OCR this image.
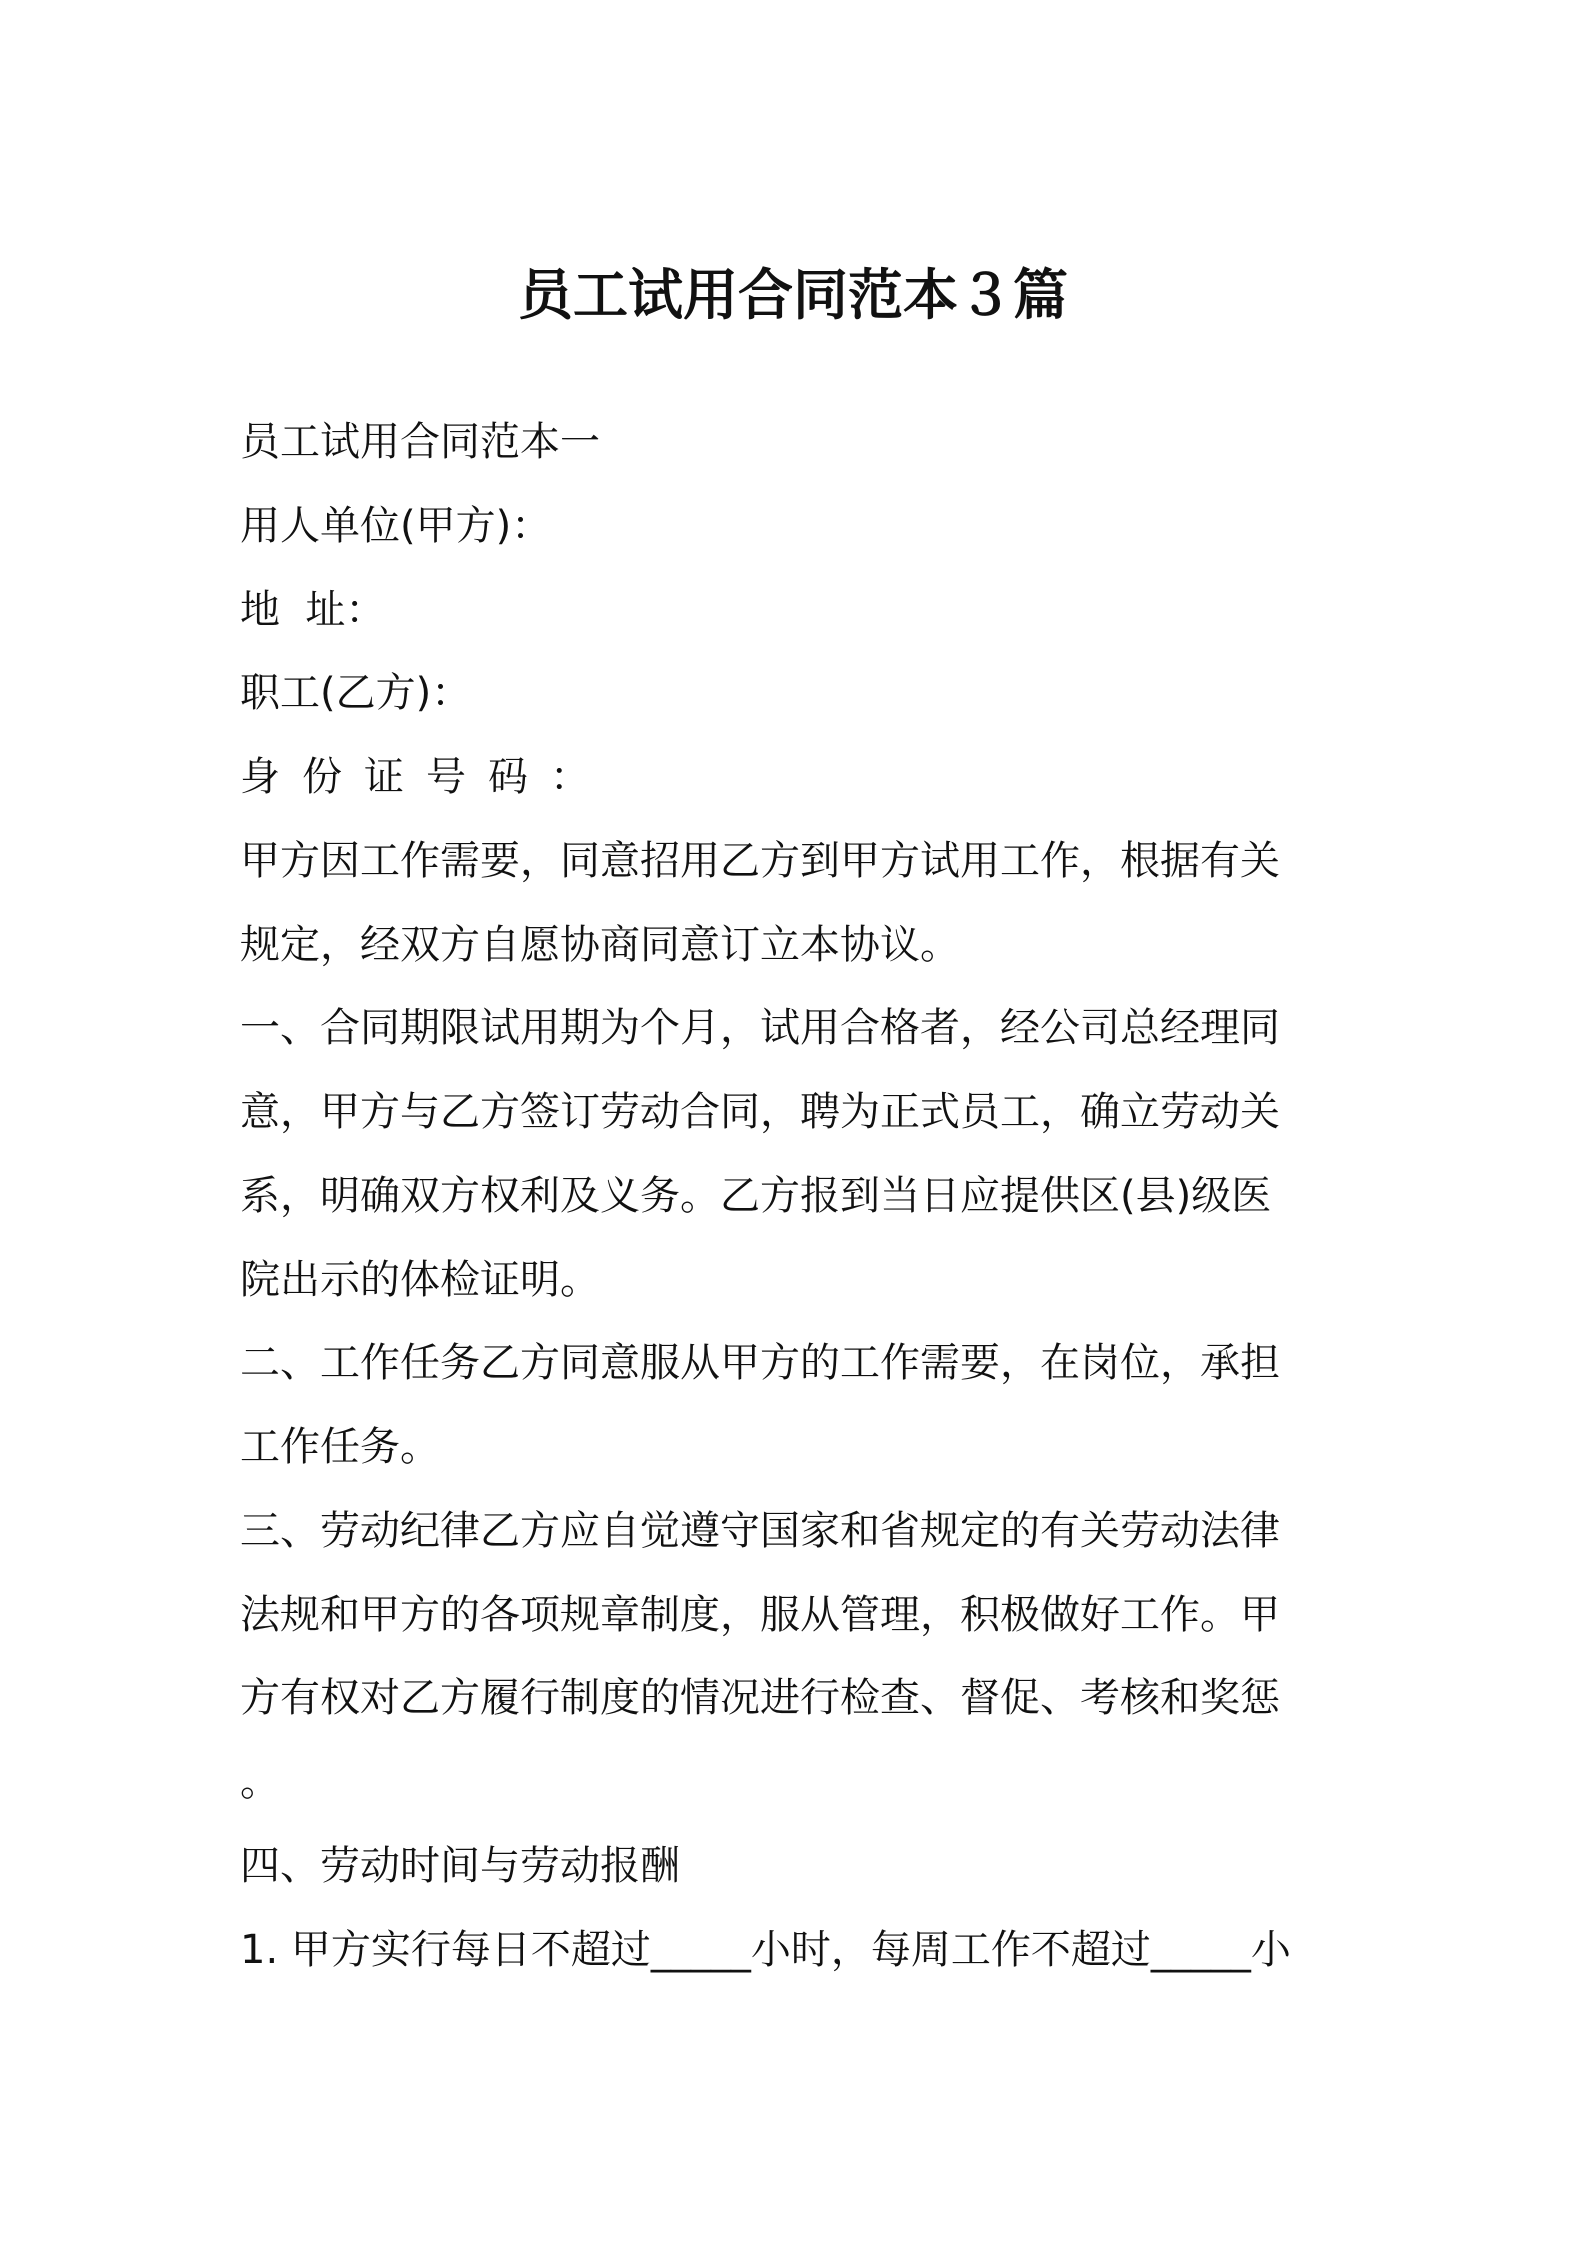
员工试用合同范本３篇

员工试用合同范本一

用人单位(甲方)：

地  址：

职工(乙方)：

身份证号码：

甲方因工作需要，同意招用乙方到甲方试用工作，根据有关

规定，经双方自愿协商同意订立本协议。

一、合同期限试用期为个月，试用合格者，经公司总经理同

意，甲方与乙方签订劳动合同，聘为正式员工，确立劳动关

系，明确双方权利及义务。乙方报到当日应提供区(县)级医

院出示的体检证明。

二、工作任务乙方同意服从甲方的工作需要，在岗位，承担

工作任务。

三、劳动纪律乙方应自觉遵守国家和省规定的有关劳动法律

法规和甲方的各项规章制度，服从管理，积极做好工作。甲

方有权对乙方履行制度的情况进行检查、督促、考核和奖惩

。

四、劳动时间与劳动报酬

1. 甲方实行每日不超过_____小时，每周工作不超过_____小
